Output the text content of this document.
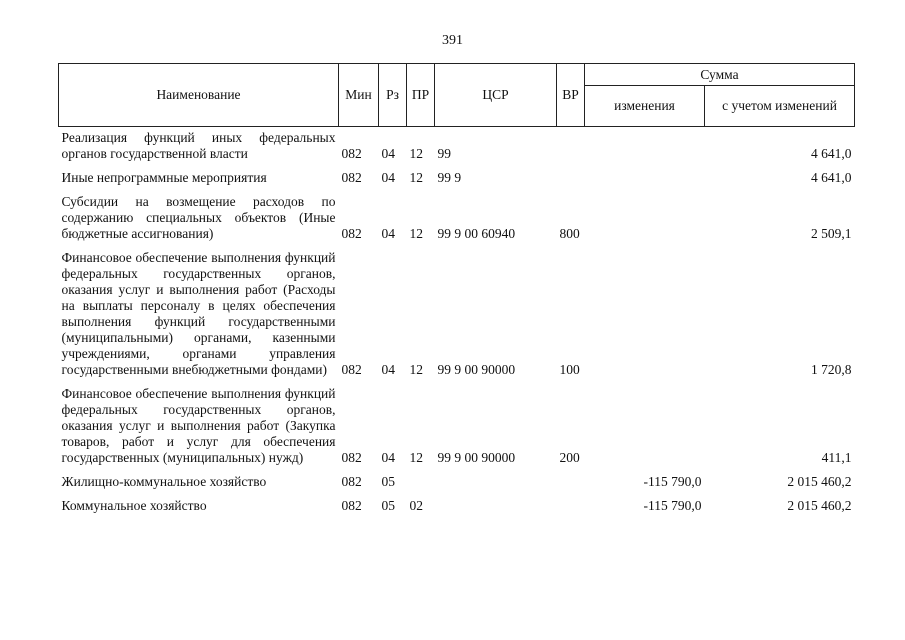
391
Наименование	Мин	Рз	ПР	ЦСР	ВР	Сумма	
						изменения	с учетом изменений
Реализация функций иных федеральных органов государственной власти	082	04	12	99			4 641,0
Иные непрограммные мероприятия	082	04	12	99 9			4 641,0
Субсидии на возмещение расходов по содержанию специальных объектов (Иные бюджетные ассигнования)	082	04	12	99 9 00 60940	800		2 509,1
Финансовое обеспечение выполнения функций федеральных государственных органов, оказания услуг и выполнения работ (Расходы на выплаты персоналу в целях обеспечения выполнения функций государственными (муниципальными) органами, казенными учреждениями, органами управления государственными внебюджетными фондами)	082	04	12	99 9 00 90000	100		1 720,8
Финансовое обеспечение выполнения функций федеральных государственных органов, оказания услуг и выполнения работ (Закупка товаров, работ и услуг для обеспечения государственных (муниципальных) нужд)	082	04	12	99 9 00 90000	200		411,1
Жилищно-коммунальное хозяйство	082	05				-115 790,0	2 015 460,2
Коммунальное хозяйство	082	05	02			-115 790,0	2 015 460,2
